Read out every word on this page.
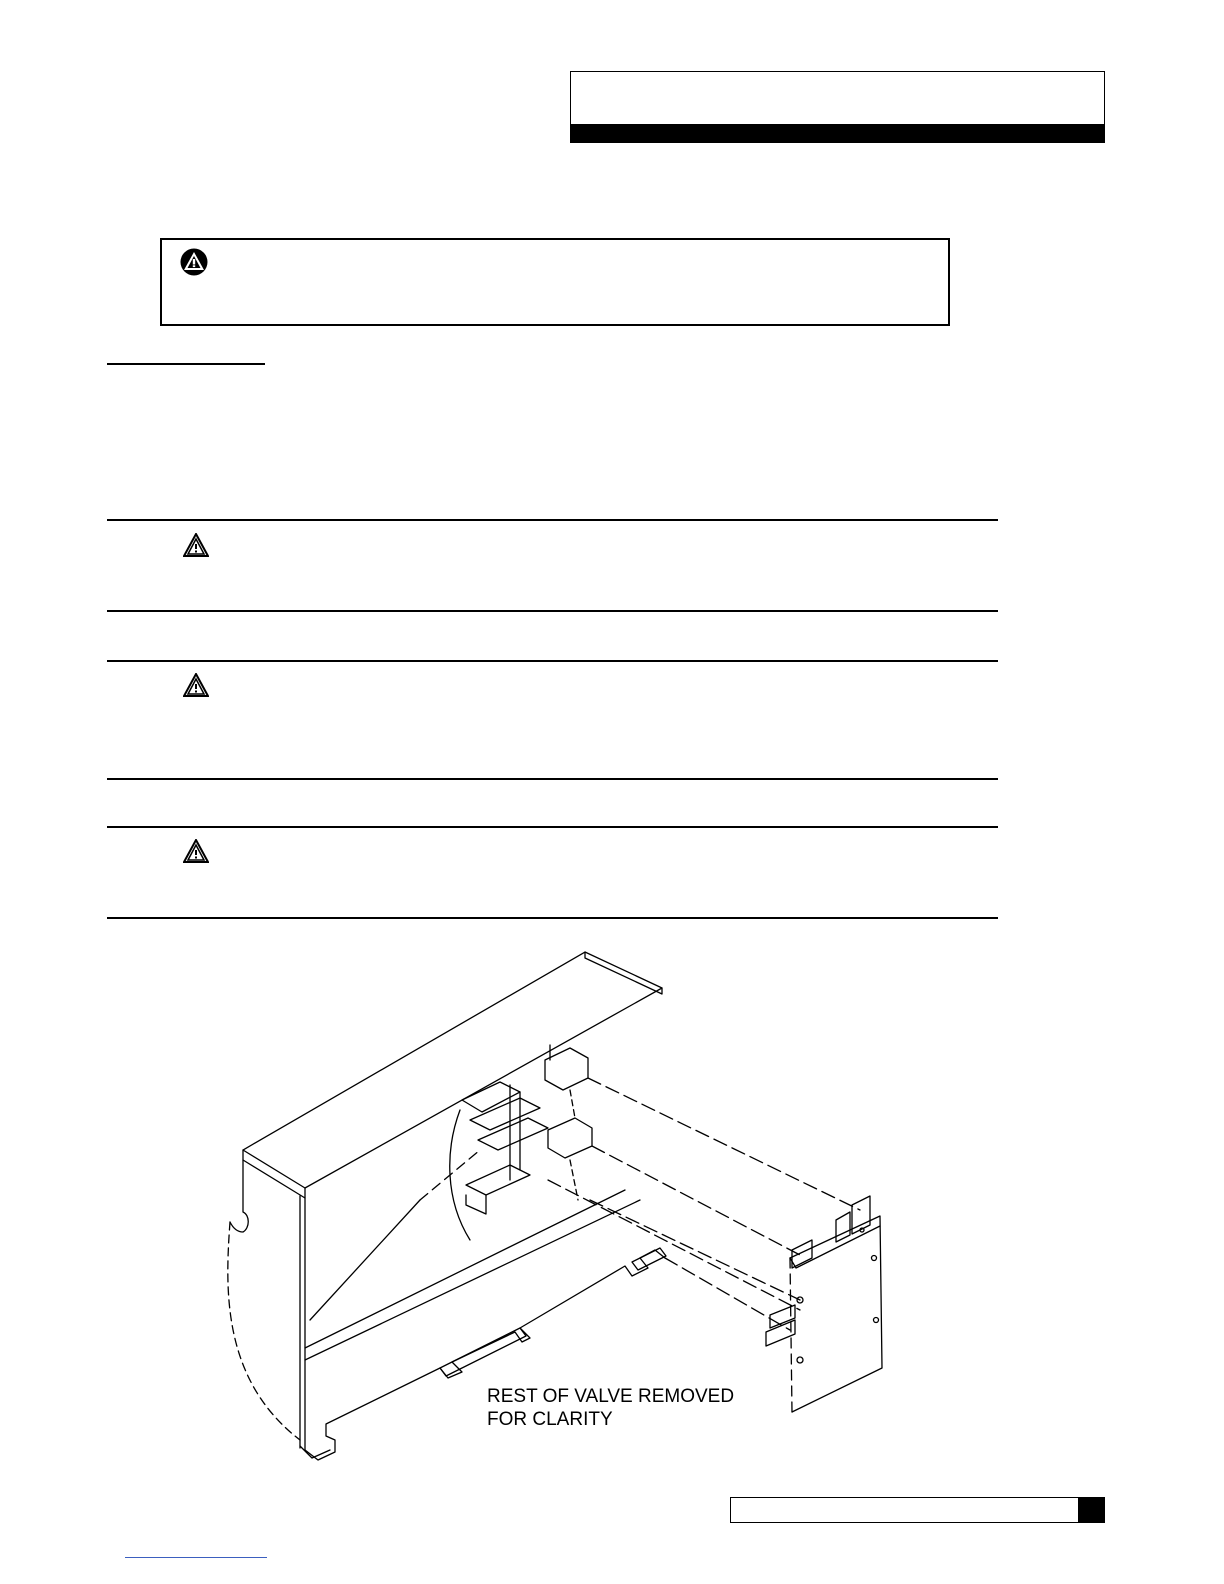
REST OF VALVE REMOVED
FOR CLARITY
